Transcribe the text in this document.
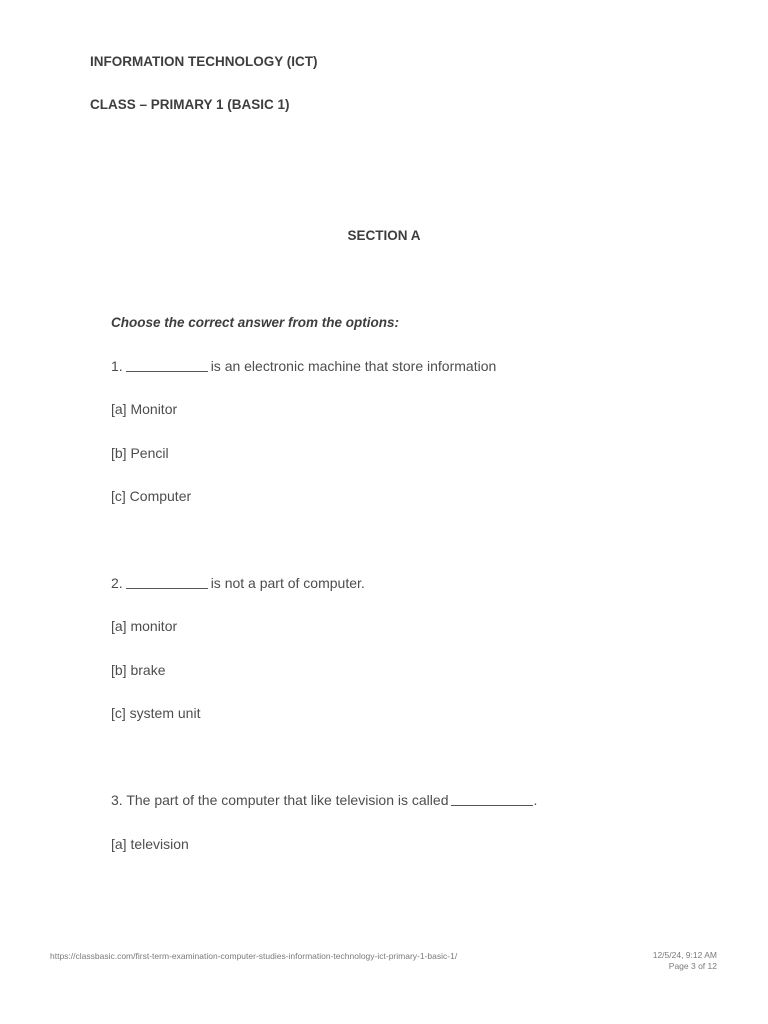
INFORMATION TECHNOLOGY (ICT)
CLASS – PRIMARY 1 (BASIC 1)
SECTION A
Choose the correct answer from the options:
1.	is an electronic machine that store information
[a] Monitor
[b] Pencil
[c] Computer
2.	is not a part of computer.
[a] monitor
[b] brake
[c] system unit
3. The part of the computer that like television is called	.
[a] television
https://classbasic.com/first-term-examination-computer-studies-information-technology-ict-primary-1-basic-1/	12/5/24, 9:12 AM
Page 3 of 12
